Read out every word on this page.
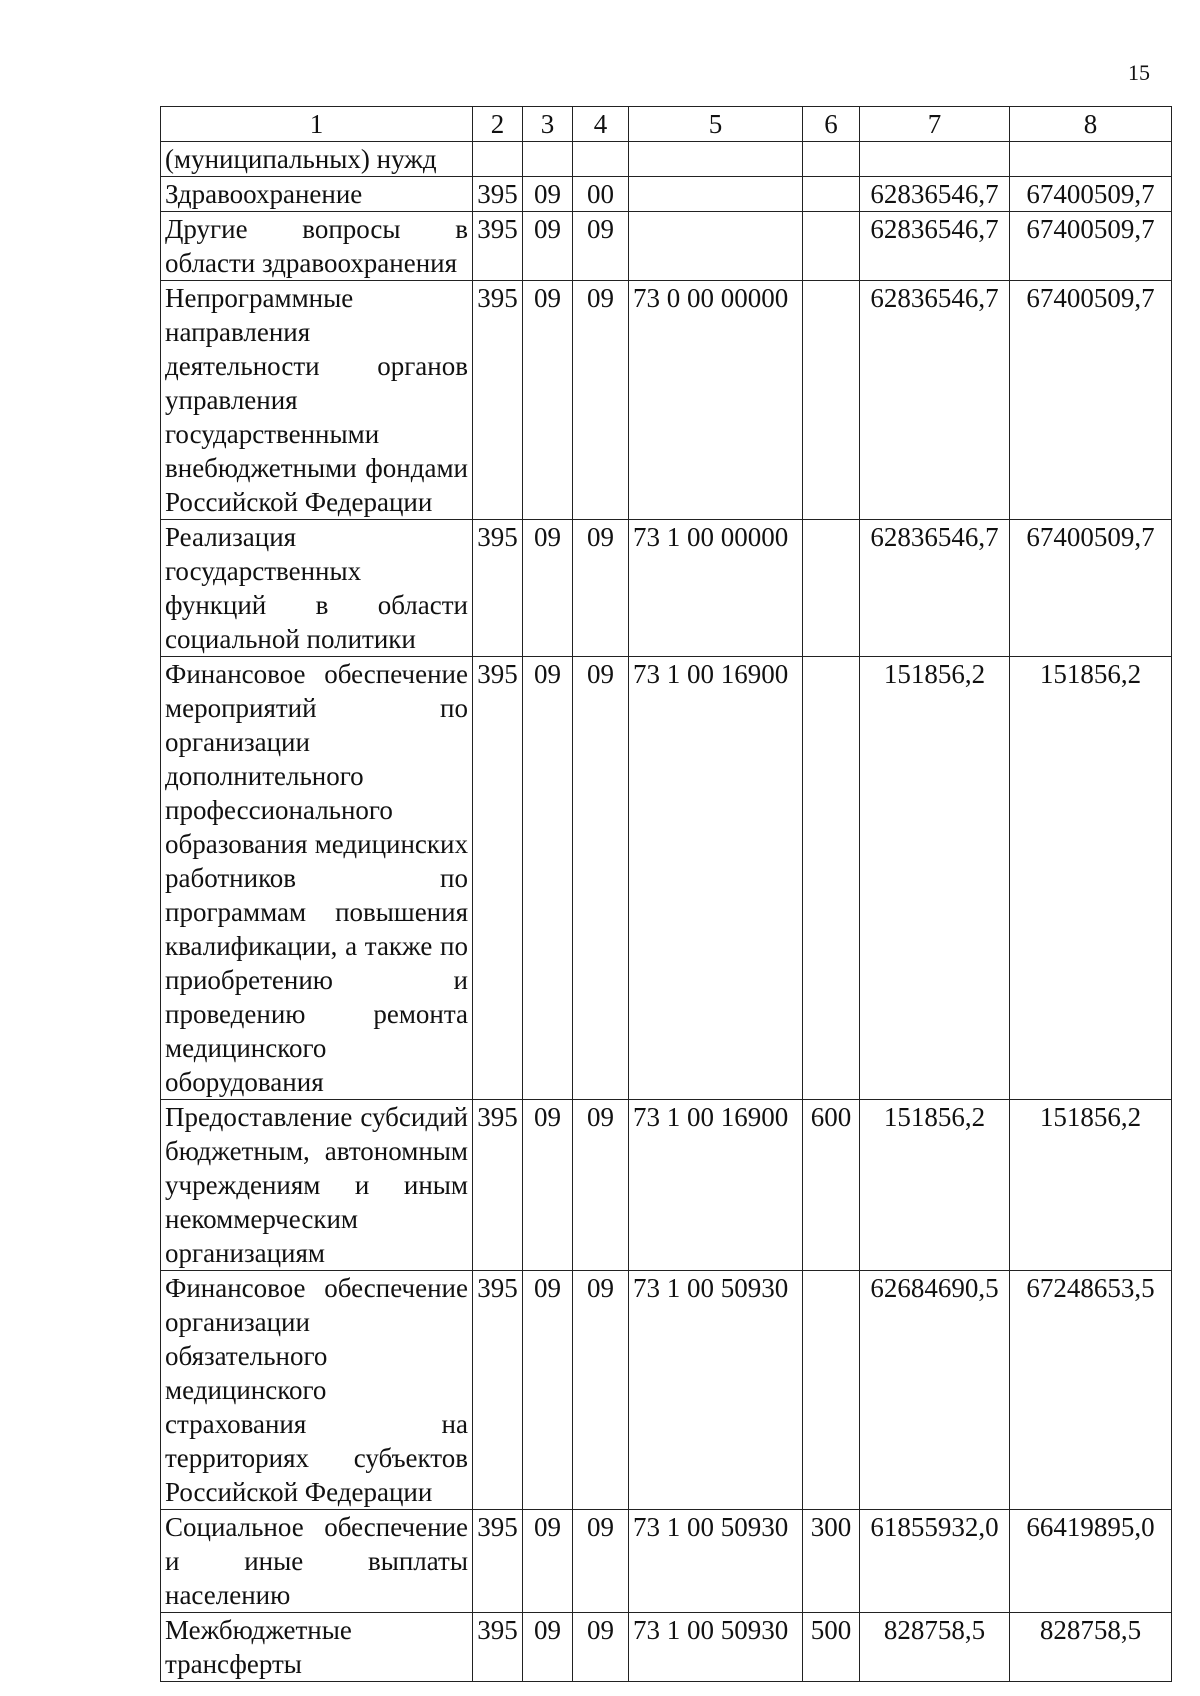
15
1	2	3	4	5	6	7	8
(муниципальных) нужд							
Здравоохранение	395	09	00			62836546,7	67400509,7
Другие вопросы в области здравоохранения	395	09	09			62836546,7	67400509,7
Непрограммные направления деятельности органов управления государственными внебюджетными фондами Российской Федерации	395	09	09	73 0 00 00000		62836546,7	67400509,7
Реализация государственных функций в области социальной политики	395	09	09	73 1 00 00000		62836546,7	67400509,7
Финансовое обеспечение мероприятий по организации дополнительного профессионального образования медицинских работников по программам повышения квалификации, а также по приобретению и проведению ремонта медицинского оборудования	395	09	09	73 1 00 16900		151856,2	151856,2
Предоставление субсидий бюджетным, автономным учреждениям и иным некоммерческим организациям	395	09	09	73 1 00 16900	600	151856,2	151856,2
Финансовое обеспечение организации обязательного медицинского страхования на территориях субъектов Российской Федерации	395	09	09	73 1 00 50930		62684690,5	67248653,5
Социальное обеспечение и иные выплаты населению	395	09	09	73 1 00 50930	300	61855932,0	66419895,0
Межбюджетные трансферты	395	09	09	73 1 00 50930	500	828758,5	828758,5
